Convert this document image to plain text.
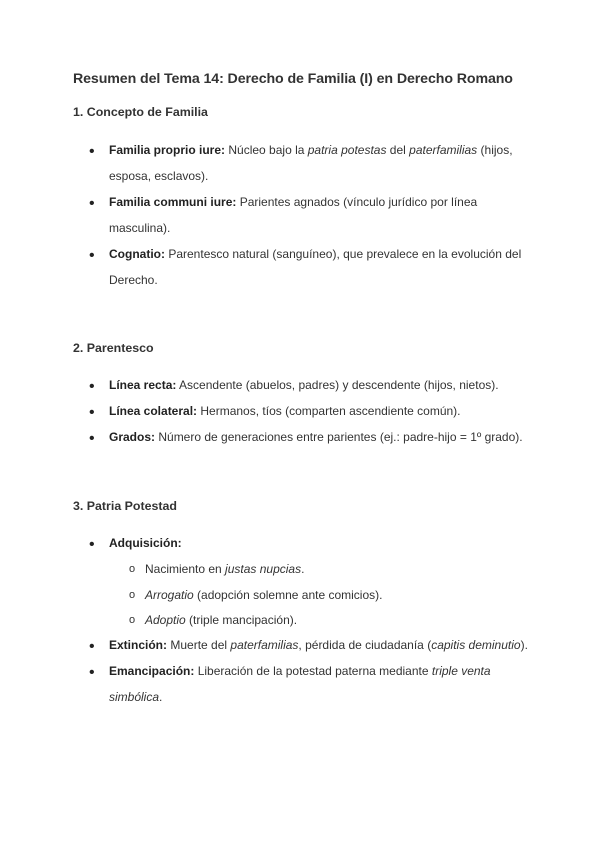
Resumen del Tema 14: Derecho de Familia (I) en Derecho Romano
1. Concepto de Familia
• Familia proprio iure: Núcleo bajo la patria potestas del paterfamilias (hijos, esposa, esclavos).
• Familia communi iure: Parientes agnados (vínculo jurídico por línea masculina).
• Cognatio: Parentesco natural (sanguíneo), que prevalece en la evolución del Derecho.
2. Parentesco
• Línea recta: Ascendente (abuelos, padres) y descendente (hijos, nietos).
• Línea colateral: Hermanos, tíos (comparten ascendiente común).
• Grados: Número de generaciones entre parientes (ej.: padre-hijo = 1º grado).
3. Patria Potestad
• Adquisición:
o Nacimiento en justas nupcias.
o Arrogatio (adopción solemne ante comicios).
o Adoptio (triple mancipación).
• Extinción: Muerte del paterfamilias, pérdida de ciudadanía (capitis deminutio).
• Emancipación: Liberación de la potestad paterna mediante triple venta simbólica.
